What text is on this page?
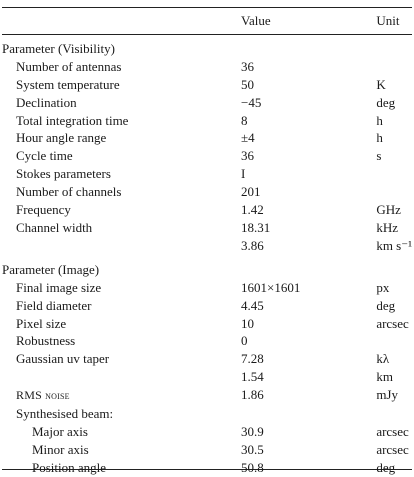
	Value	Unit
Parameter (Visibility)		
Number of antennas	36	
System temperature	50	K
Declination	−45	deg
Total integration time	8	h
Hour angle range	±4	h
Cycle time	36	s
Stokes parameters	I	
Number of channels	201	
Frequency	1.42	GHz
Channel width	18.31	kHz
	3.86	km s⁻¹
Parameter (Image)		
Final image size	1601×1601	px
Field diameter	4.45	deg
Pixel size	10	arcsec
Robustness	0	
Gaussian uv taper	7.28	kλ
	1.54	km
RMS noise	1.86	mJy
Synthesised beam:		
Major axis	30.9	arcsec
Minor axis	30.5	arcsec
Position angle	50.8	deg
